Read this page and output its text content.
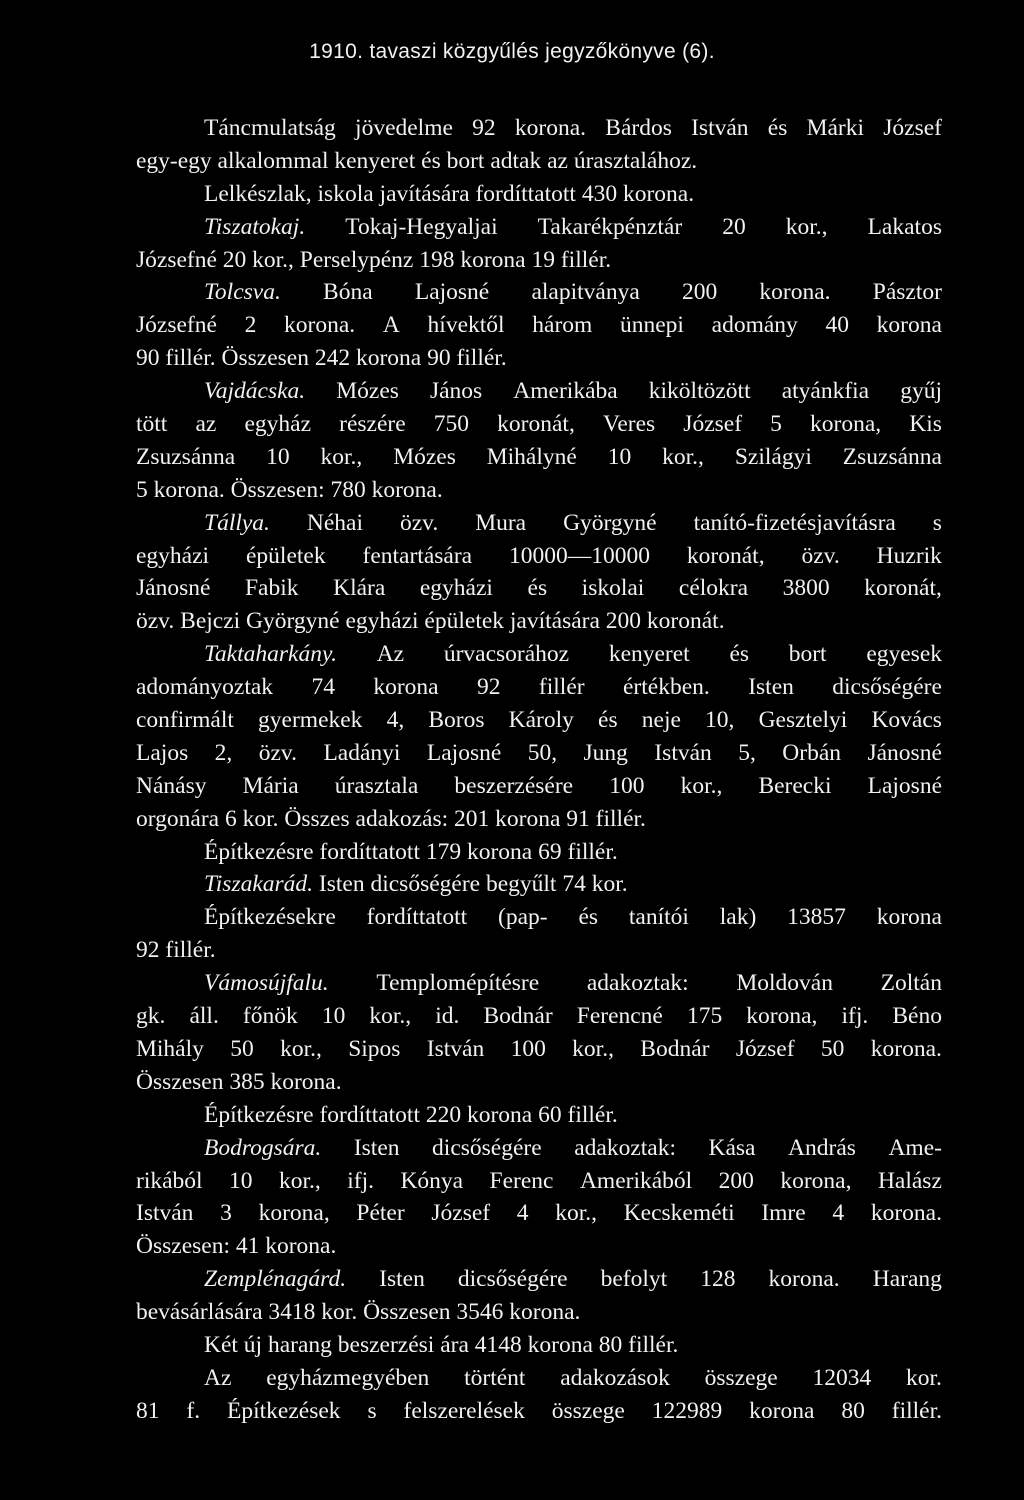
1910. tavaszi közgyűlés jegyzőkönyve (6).
Táncmulatság jövedelme 92 korona. Bárdos István és Márki József
egy-egy alkalommal kenyeret és bort adtak az úrasztalához.
Lelkészlak, iskola javítására fordíttatott 430 korona.
Tiszatokaj. Tokaj-Hegyaljai Takarékpénztár 20 kor., Lakatos
Józsefné 20 kor., Perselypénz 198 korona 19 fillér.
Tolcsva. Bóna Lajosné alapitványa 200 korona. Pásztor
Józsefné 2 korona. A hívektől három ünnepi adomány 40 korona
90 fillér. Összesen 242 korona 90 fillér.
Vajdácska. Mózes János Amerikába kiköltözött atyánkfia gyűj
tött az egyház részére 750 koronát, Veres József 5 korona, Kis
Zsuzsánna 10 kor., Mózes Mihályné 10 kor., Szilágyi Zsuzsánna
5 korona. Összesen: 780 korona.
Tállya. Néhai özv. Mura Györgyné tanító-fizetésjavításra s
egyházi épületek fentartására 10000—10000 koronát, özv. Huzrik
Jánosné Fabik Klára egyházi és iskolai célokra 3800 koronát,
özv. Bejczi Györgyné egyházi épületek javítására 200 koronát.
Taktaharkány. Az úrvacsorához kenyeret és bort egyesek
adományoztak 74 korona 92 fillér értékben. Isten dicsőségére
confirmált gyermekek 4, Boros Károly és neje 10, Gesztelyi Kovács
Lajos 2, özv. Ladányi Lajosné 50, Jung István 5, Orbán Jánosné
Nánásy Mária úrasztala beszerzésére 100 kor., Berecki Lajosné
orgonára 6 kor. Összes adakozás: 201 korona 91 fillér.
Építkezésre fordíttatott 179 korona 69 fillér.
Tiszakarád. Isten dicsőségére begyűlt 74 kor.
Építkezésekre fordíttatott (pap- és tanítói lak) 13857 korona
92 fillér.
Vámosújfalu. Templomépítésre adakoztak: Moldován Zoltán
gk. áll. főnök 10 kor., id. Bodnár Ferencné 175 korona, ifj. Béno
Mihály 50 kor., Sipos István 100 kor., Bodnár József 50 korona.
Összesen 385 korona.
Építkezésre fordíttatott 220 korona 60 fillér.
Bodrogsára. Isten dicsőségére adakoztak: Kása András Ame-
rikából 10 kor., ifj. Kónya Ferenc Amerikából 200 korona, Halász
István 3 korona, Péter József 4 kor., Kecskeméti Imre 4 korona.
Összesen: 41 korona.
Zemplénagárd. Isten dicsőségére befolyt 128 korona. Harang
bevásárlására 3418 kor. Összesen 3546 korona.
Két új harang beszerzési ára 4148 korona 80 fillér.
Az egyházmegyében történt adakozások összege 12034 kor.
81 f. Építkezések s felszerelések összege 122989 korona 80 fillér.
